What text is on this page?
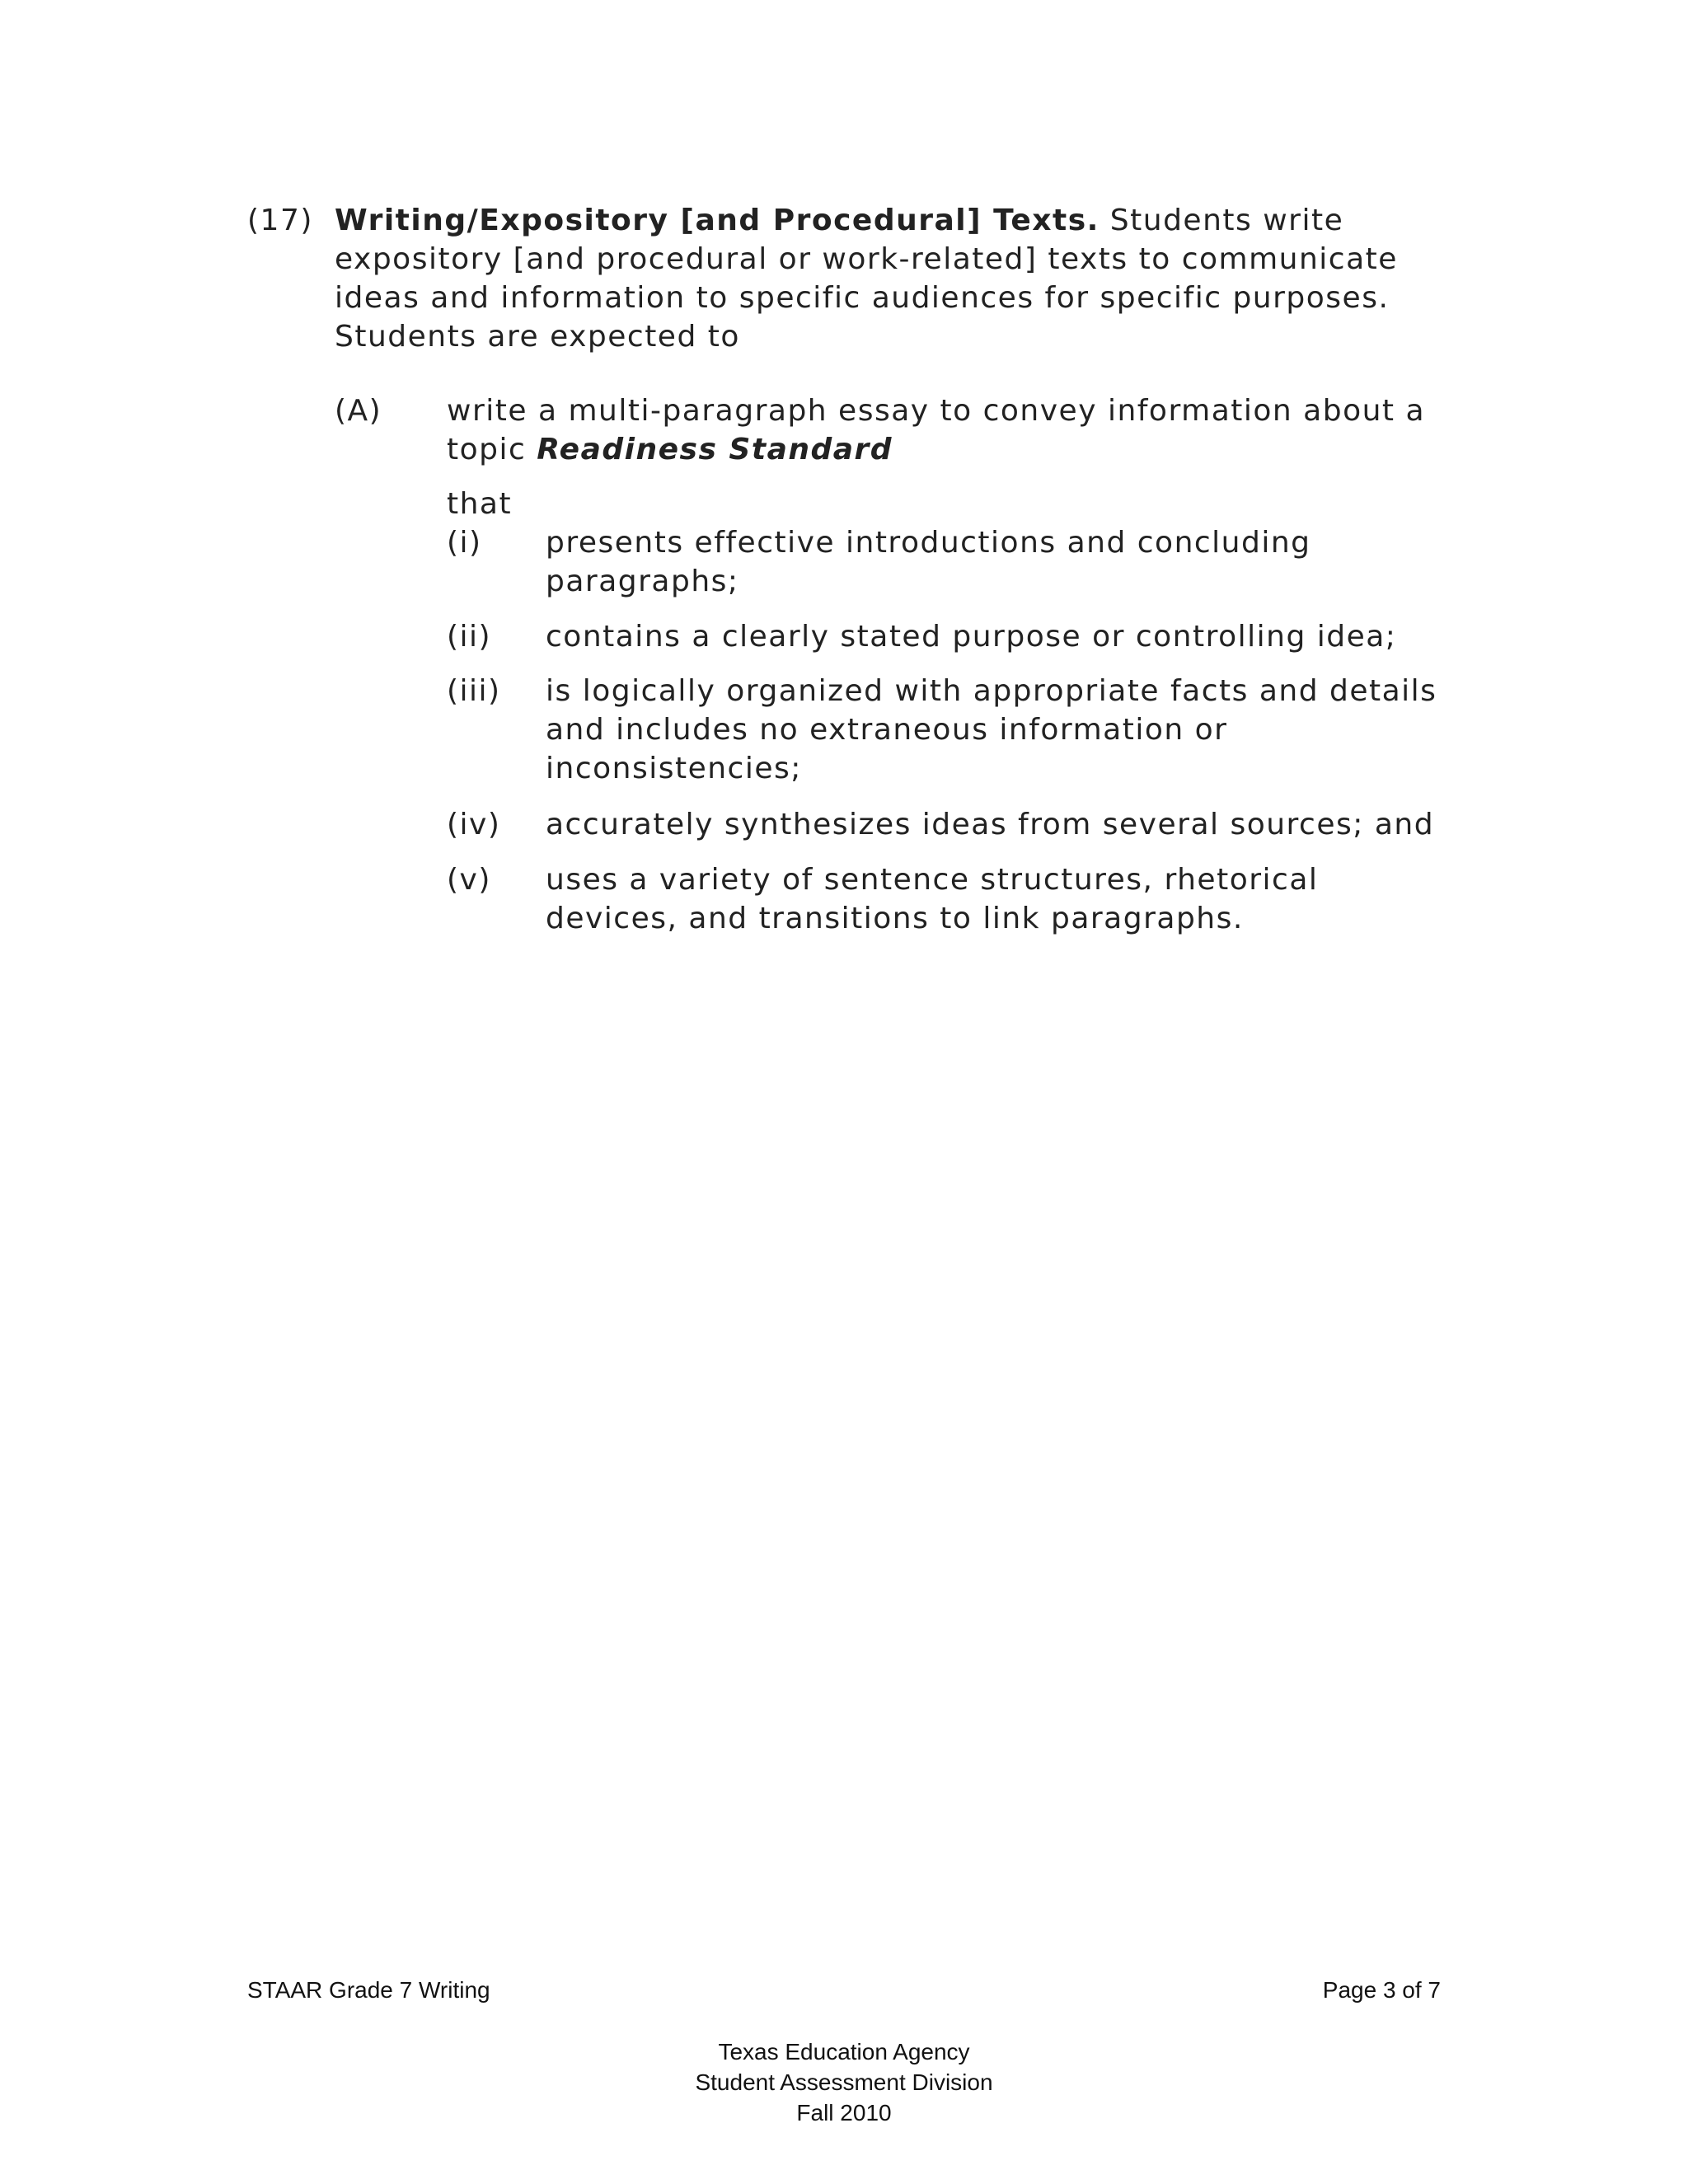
(17) Writing/Expository [and Procedural] Texts. Students write
expository [and procedural or work-related] texts to communicate
ideas and information to specific audiences for specific purposes.
Students are expected to
(A) write a multi-paragraph essay to convey information about a
topic Readiness Standard
that
(i) presents effective introductions and concluding
paragraphs;
(ii) contains a clearly stated purpose or controlling idea;
(iii) is logically organized with appropriate facts and details
and includes no extraneous information or
inconsistencies;
(iv) accurately synthesizes ideas from several sources; and
(v) uses a variety of sentence structures, rhetorical
devices, and transitions to link paragraphs.
STAAR Grade 7 Writing	Page 3 of 7
Texas Education Agency
Student Assessment Division
Fall 2010
